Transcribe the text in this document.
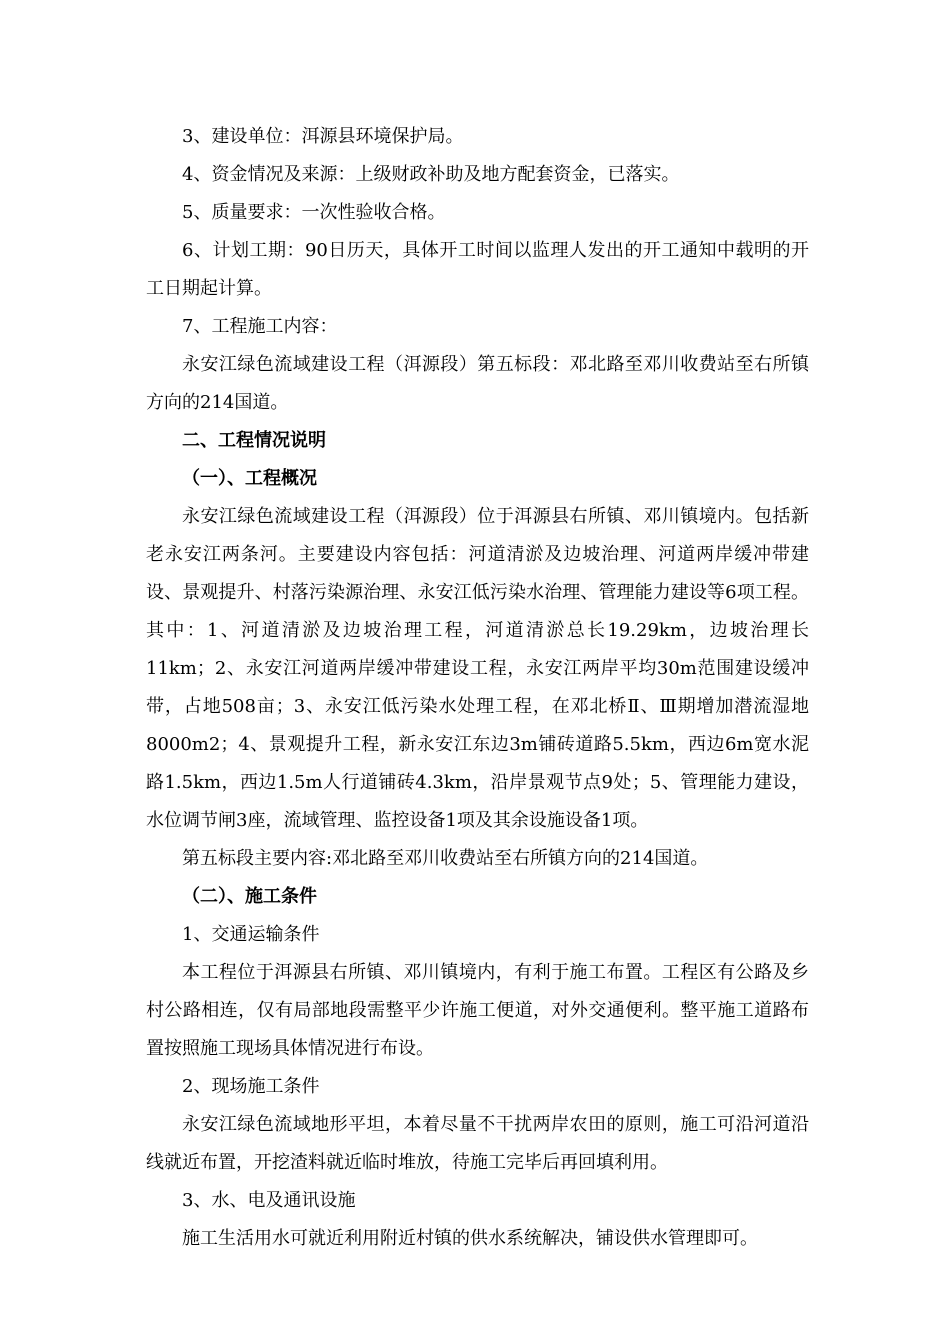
3、建设单位：洱源县环境保护局。

4、资金情况及来源：上级财政补助及地方配套资金，已落实。

5、质量要求：一次性验收合格。

6、计划工期：90日历天，具体开工时间以监理人发出的开工通知中载明的开工日期起计算。

7、工程施工内容：

永安江绿色流域建设工程（洱源段）第五标段：邓北路至邓川收费站至右所镇方向的214国道。

二、工程情况说明

（一）、工程概况

永安江绿色流域建设工程（洱源段）位于洱源县右所镇、邓川镇境内。包括新老永安江两条河。主要建设内容包括：河道清淤及边坡治理、河道两岸缓冲带建设、景观提升、村落污染源治理、永安江低污染水治理、管理能力建设等6项工程。其中：1、河道清淤及边坡治理工程，河道清淤总长19.29km，边坡治理长11km；2、永安江河道两岸缓冲带建设工程，永安江两岸平均30m范围建设缓冲带，占地508亩；3、永安江低污染水处理工程，在邓北桥Ⅱ、Ⅲ期增加潜流湿地8000m2；4、景观提升工程，新永安江东边3m铺砖道路5.5km，西边6m宽水泥路1.5km，西边1.5m人行道铺砖4.3km，沿岸景观节点9处；5、管理能力建设，水位调节闸3座，流域管理、监控设备1项及其余设施设备1项。

第五标段主要内容:邓北路至邓川收费站至右所镇方向的214国道。

（二）、施工条件

1、交通运输条件

本工程位于洱源县右所镇、邓川镇境内，有利于施工布置。工程区有公路及乡村公路相连，仅有局部地段需整平少许施工便道，对外交通便利。整平施工道路布置按照施工现场具体情况进行布设。

2、现场施工条件

永安江绿色流域地形平坦，本着尽量不干扰两岸农田的原则，施工可沿河道沿线就近布置，开挖渣料就近临时堆放，待施工完毕后再回填利用。

3、水、电及通讯设施

施工生活用水可就近利用附近村镇的供水系统解决，铺设供水管理即可。
